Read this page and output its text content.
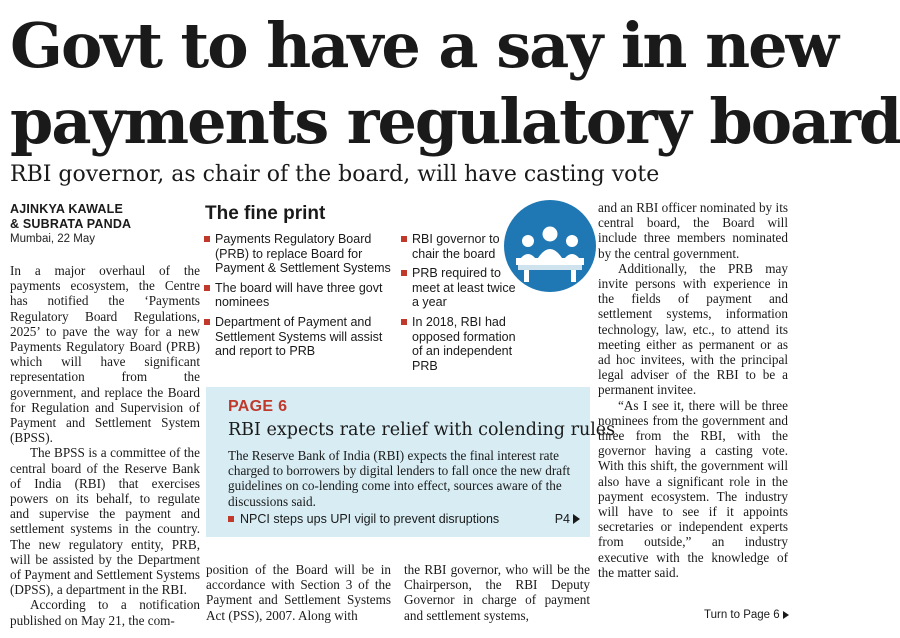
Govt to have a say in new
payments regulatory board
RBI governor, as chair of the board, will have casting vote
AJINKYA KAWALE
& SUBRATA PANDA
Mumbai, 22 May

In a major overhaul of the payments ecosystem, the Centre has notified the ‘Payments Regulatory Board Regulations, 2025’ to pave the way for a new Payments Regulatory Board (PRB) which will have significant representation from the government, and replace the Board for Regulation and Supervision of Payment and Settlement System (BPSS).

The BPSS is a committee of the central board of the Reserve Bank of India (RBI) that exercises powers on its behalf, to regulate and supervise the payment and settlement systems in the country. The new regulatory entity, PRB, will be assisted by the Department of Payment and Settlement Systems (DPSS), a department in the RBI.

According to a notification published on May 21, the com-

The fine print
Payments Regulatory Board (PRB) to replace Board for Payment & Settlement Systems
The board will have three govt nominees
Department of Payment and Settlement Systems will assist and report to PRB
RBI governor to chair the board
PRB required to meet at least twice a year
In 2018, RBI had opposed formation of an independent PRB

and an RBI officer nominated by its central board, the Board will include three members nominated by the central government.

Additionally, the PRB may invite persons with experience in the fields of payment and settlement systems, information technology, law, etc., to attend its meeting either as permanent or as ad hoc invitees, with the principal legal adviser of the RBI to be a permanent invitee.

“As I see it, there will be three nominees from the government and three from the RBI, with the governor having a casting vote. With this shift, the government will also have a significant role in the payment ecosystem. The industry will have to see if it appoints secretaries or independent experts from outside,” an industry executive with the knowledge of the matter said.

PAGE 6
RBI expects rate relief with colending rules
The Reserve Bank of India (RBI) expects the final interest rate charged to borrowers by digital lenders to fall once the new draft guidelines on co-lending come into effect, sources aware of the discussions said.
NPCI steps ups UPI vigil to prevent disruptions	P4

position of the Board will be in accordance with Section 3 of the Payment and Settlement Systems Act (PSS), 2007. Along with

the RBI governor, who will be the Chairperson, the RBI Deputy Governor in charge of payment and settlement systems,	Turn to Page 6
